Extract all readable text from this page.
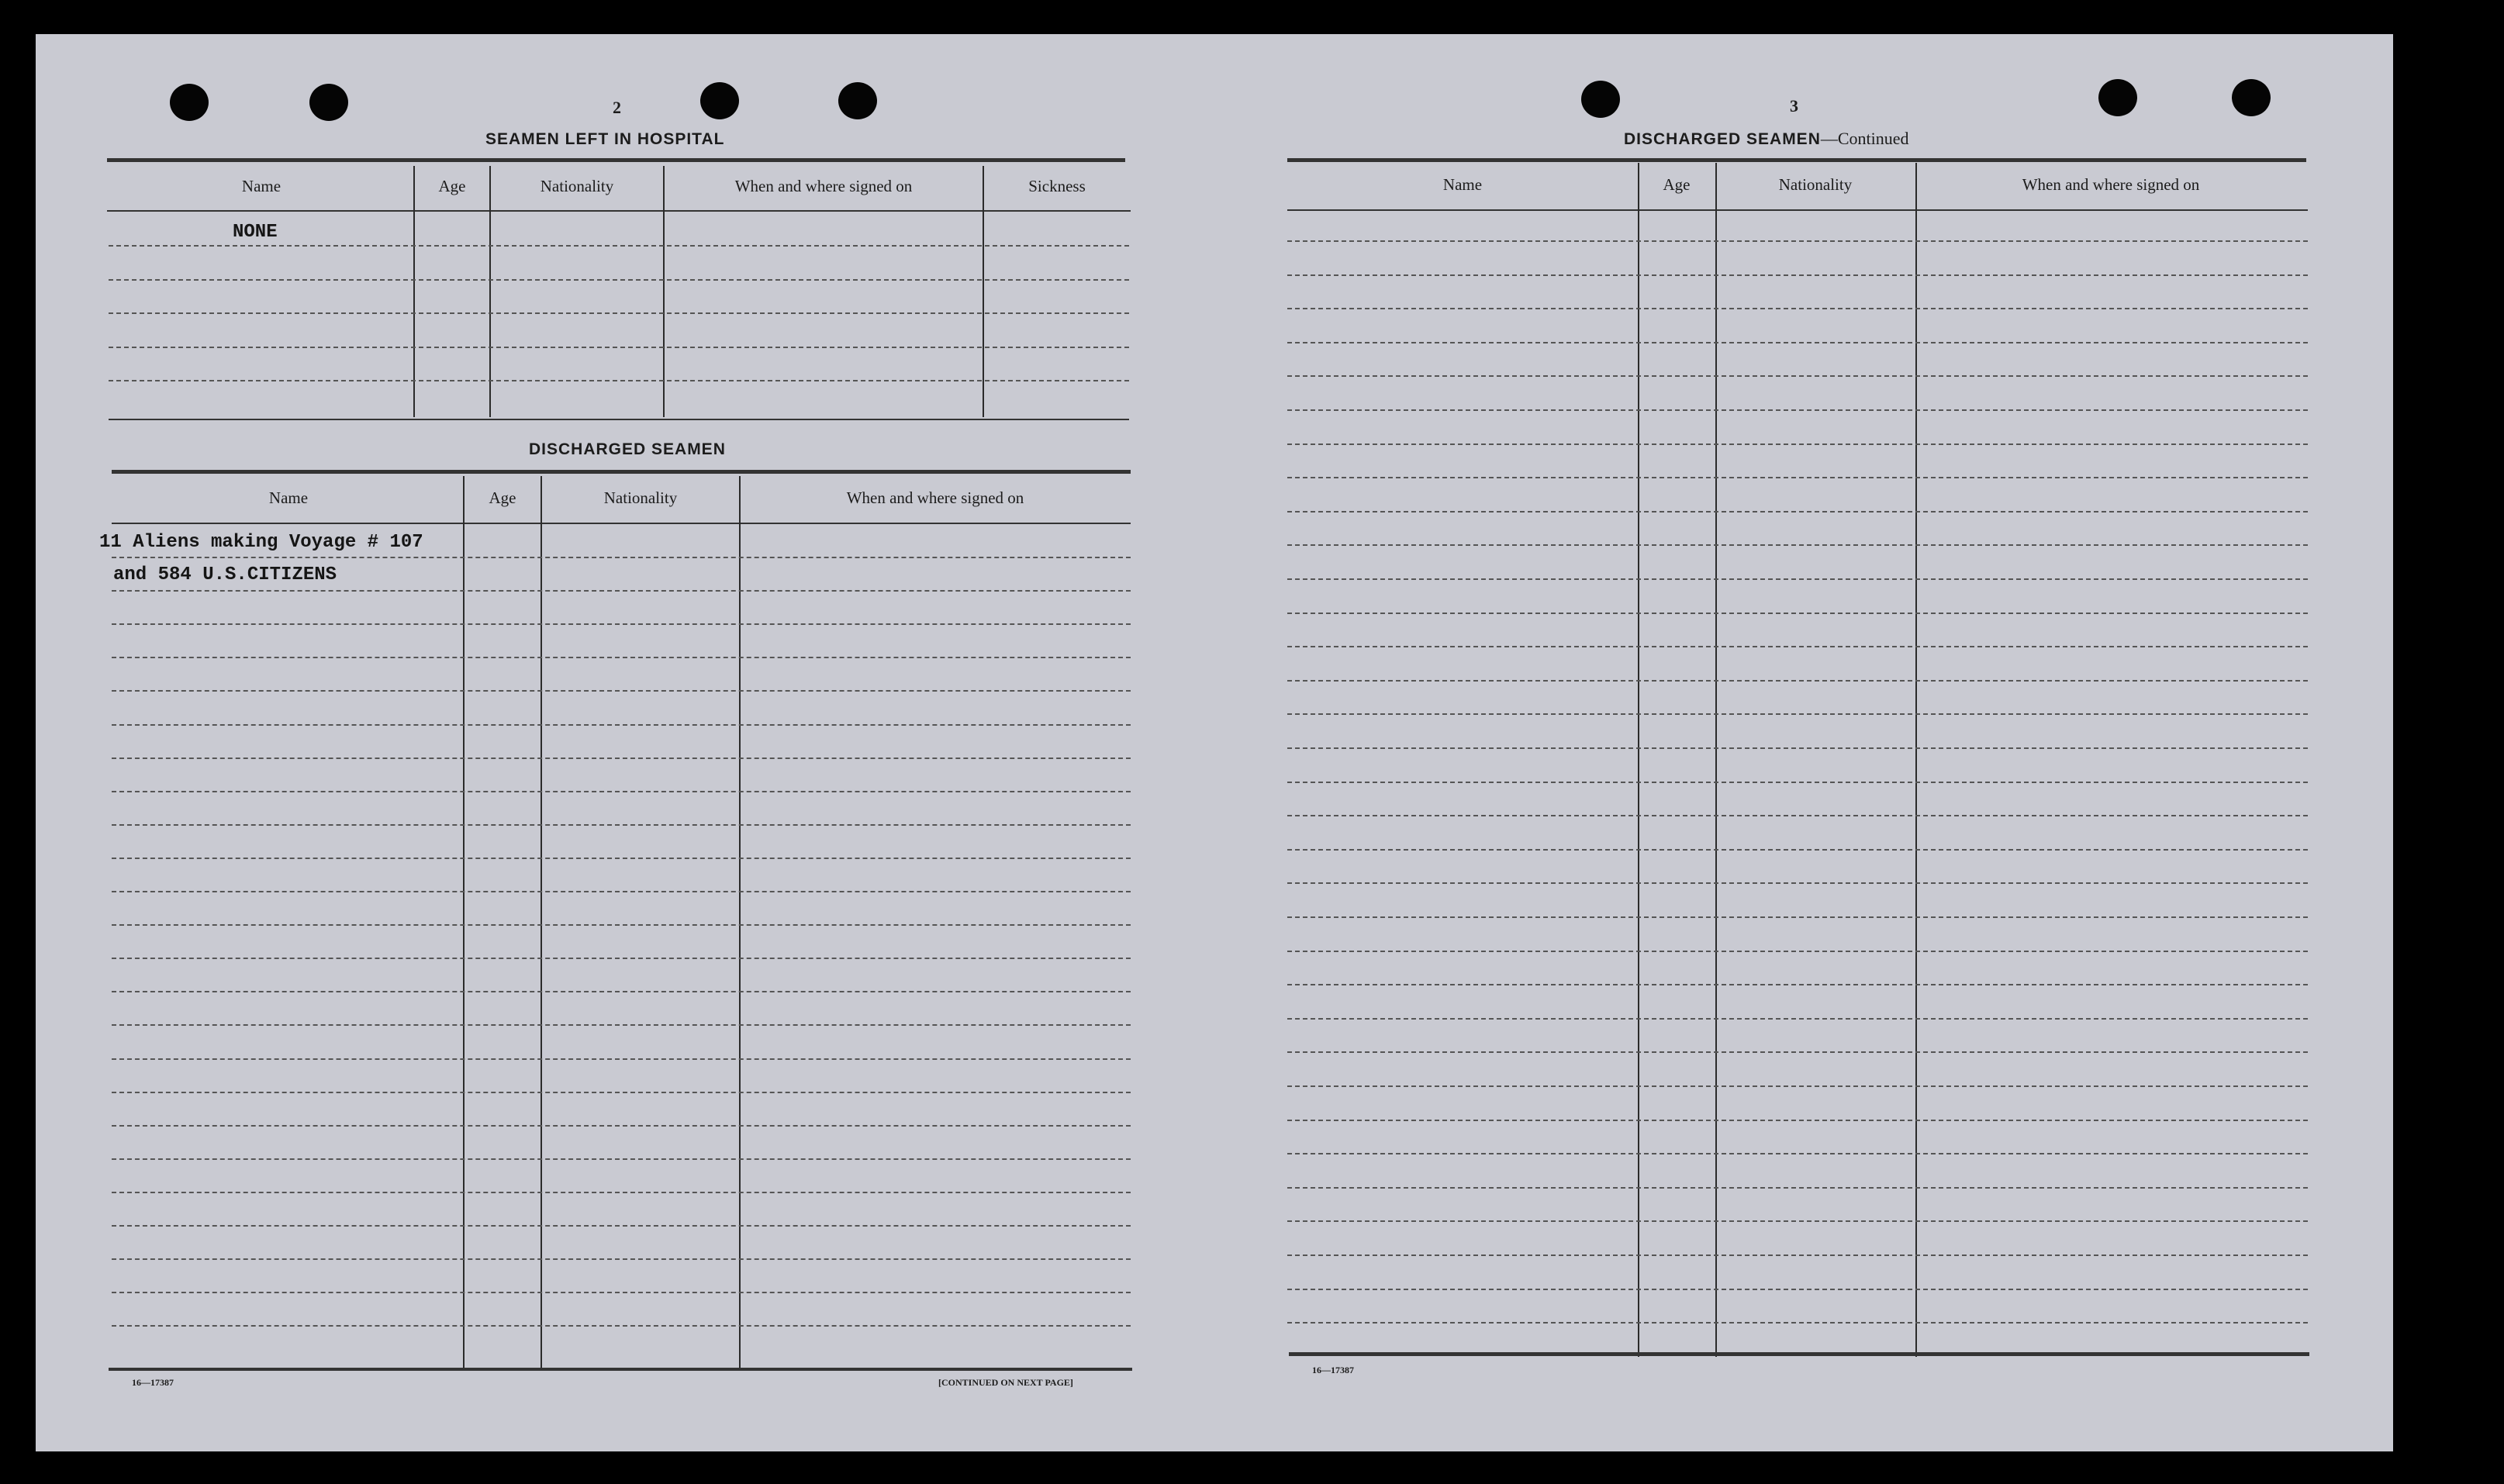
2
SEAMEN LEFT IN HOSPITAL
Name	Age	Nationality	When and where signed on	Sickness
NONE
DISCHARGED SEAMEN
Name	Age	Nationality	When and where signed on
11 Aliens making Voyage # 107
and 584 U.S.CITIZENS
16—17387	[CONTINUED ON NEXT PAGE]
3
DISCHARGED SEAMEN—Continued
Name	Age	Nationality	When and where signed on
16—17387
